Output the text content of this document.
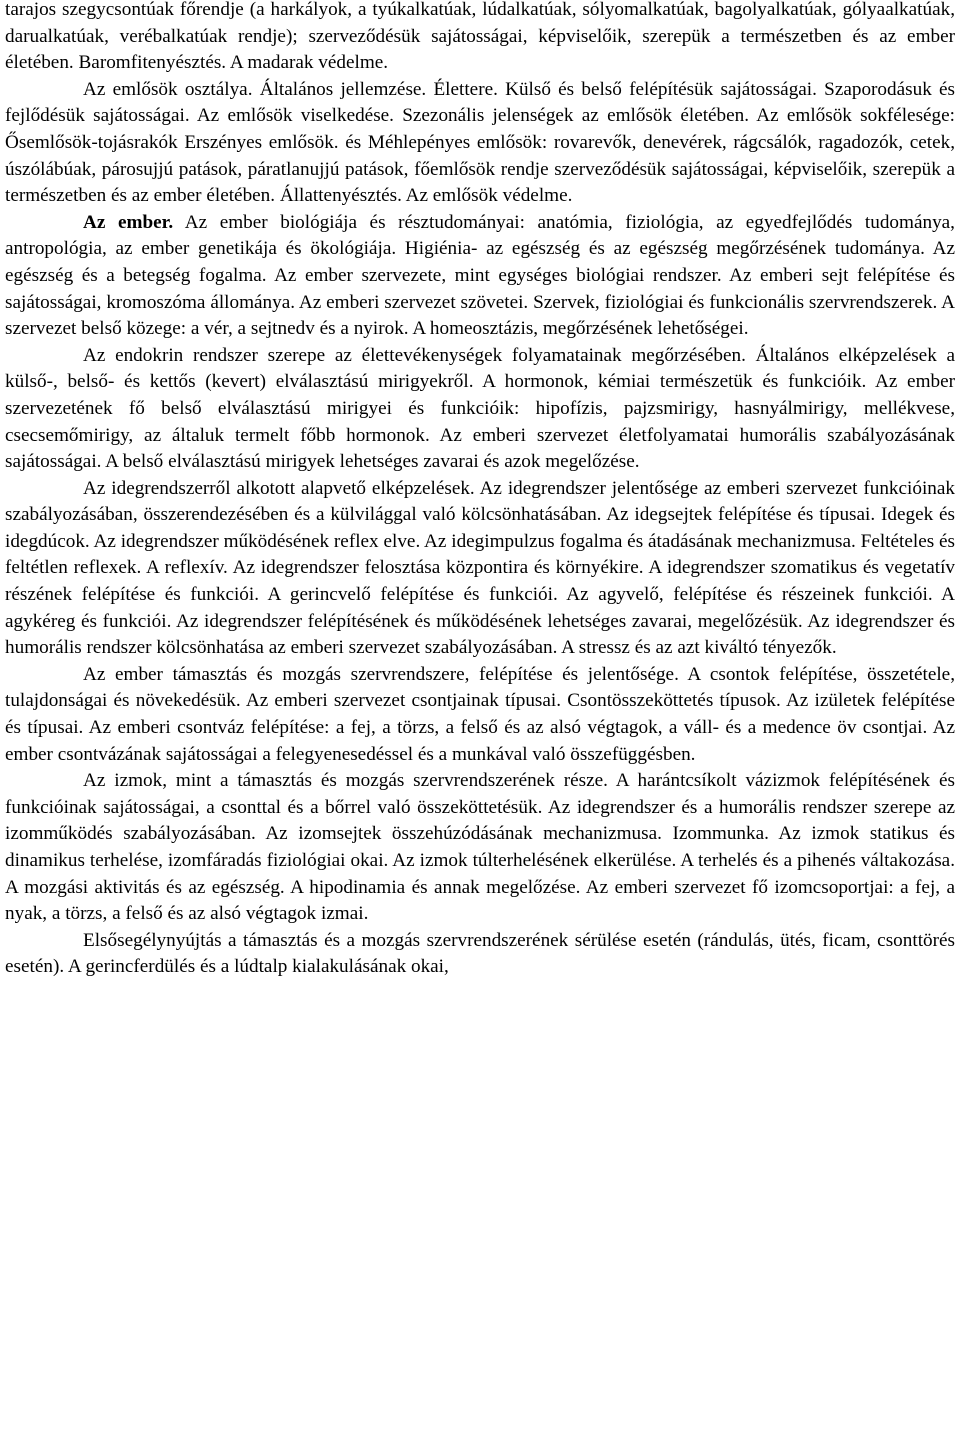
tarajos szegycsontúak főrendje (a harkályok, a tyúkalkatúak, lúdalkatúak, sólyomalkatúak, bagolyalkatúak, gólyaalkatúak, darualkatúak, verébalkatúak rendje); szerveződésük sajátosságai, képviselőik, szerepük a természetben és az ember életében. Baromfitenyésztés. A madarak védelme.

Az emlősök osztálya. Általános jellemzése. Élettere. Külső és belső felépítésük sajátosságai. Szaporodásuk és fejlődésük sajátosságai. Az emlősök viselkedése. Szezonális jelenségek az emlősök életében. Az emlősök sokfélesége: Ősemlősök-tojásrakók Erszényes emlősök. és Méhlepényes emlősök: rovarevők, denevérek, rágcsálók, ragadozók, cetek, úszólábúak, párosujjú patások, páratlanujjú patások, főemlősök rendje szerveződésük sajátosságai, képviselőik, szerepük a természetben és az ember életében. Állattenyésztés. Az emlősök védelme.

Az ember. Az ember biológiája és résztudományai: anatómia, fiziológia, az egyedfejlődés tudománya, antropológia, az ember genetikája és ökológiája. Higiénia- az egészség és az egészség megőrzésének tudománya. Az egészség és a betegség fogalma. Az ember szervezete, mint egységes biológiai rendszer. Az emberi sejt felépítése és sajátosságai, kromoszóma állománya. Az emberi szervezet szövetei. Szervek, fiziológiai és funkcionális szervrendszerek. A szervezet belső közege: a vér, a sejtnedv és a nyirok. A homeosztázis, megőrzésének lehetőségei.

Az endokrin rendszer szerepe az élettevékenységek folyamatainak megőrzésében. Általános elképzelések a külső-, belső- és kettős (kevert) elválasztású mirigyekről. A hormonok, kémiai természetük és funkcióik. Az ember szervezetének fő belső elválasztású mirigyei és funkcióik: hipofízis, pajzsmirigy, hasnyálmirigy, mellékvese, csecsemőmirigy, az általuk termelt főbb hormonok. Az emberi szervezet életfolyamatai humorális szabályozásának sajátosságai. A belső elválasztású mirigyek lehetséges zavarai és azok megelőzése.

Az idegrendszerről alkotott alapvető elképzelések. Az idegrendszer jelentősége az emberi szervezet funkcióinak szabályozásában, összerendezésében és a külvilággal való kölcsönhatásában. Az idegsejtek felépítése és típusai. Idegek és idegdúcok. Az idegrendszer működésének reflex elve. Az idegimpulzus fogalma és átadásának mechanizmusa. Feltételes és feltétlen reflexek. A reflexív. Az idegrendszer felosztása központira és környékire. A idegrendszer szomatikus és vegetatív részének felépítése és funkciói. A gerincvelő felépítése és funkciói. Az agyvelő, felépítése és részeinek funkciói. A agykéreg és funkciói. Az idegrendszer felépítésének és működésének lehetséges zavarai, megelőzésük. Az idegrendszer és humorális rendszer kölcsönhatása az emberi szervezet szabályozásában. A stressz és az azt kiváltó tényezők.

Az ember támasztás és mozgás szervrendszere, felépítése és jelentősége. A csontok felépítése, összetétele, tulajdonságai és növekedésük. Az emberi szervezet csontjainak típusai. Csontösszeköttetés típusok. Az izületek felépítése és típusai. Az emberi csontváz felépítése: a fej, a törzs, a felső és az alsó végtagok, a váll- és a medence öv csontjai. Az ember csontvázának sajátosságai a felegyenesedéssel és a munkával való összefüggésben.

Az izmok, mint a támasztás és mozgás szervrendszerének része. A harántcsíkolt vázizmok felépítésének és funkcióinak sajátosságai, a csonttal és a bőrrel való összeköttetésük. Az idegrendszer és a humorális rendszer szerepe az izomműködés szabályozásában. Az izomsejtek összehúzódásának mechanizmusa. Izommunka. Az izmok statikus és dinamikus terhelése, izomfáradás fiziológiai okai. Az izmok túlterhelésének elkerülése. A terhelés és a pihenés váltakozása. A mozgási aktivitás és az egészség. A hipodinamia és annak megelőzése. Az emberi szervezet fő izomcsoportjai: a fej, a nyak, a törzs, a felső és az alsó végtagok izmai.

Elsősegélynyújtás a támasztás és a mozgás szervrendszerének sérülése esetén (rándulás, ütés, ficam, csonttörés esetén). A gerincferdülés és a lúdtalp kialakulásának okai,
